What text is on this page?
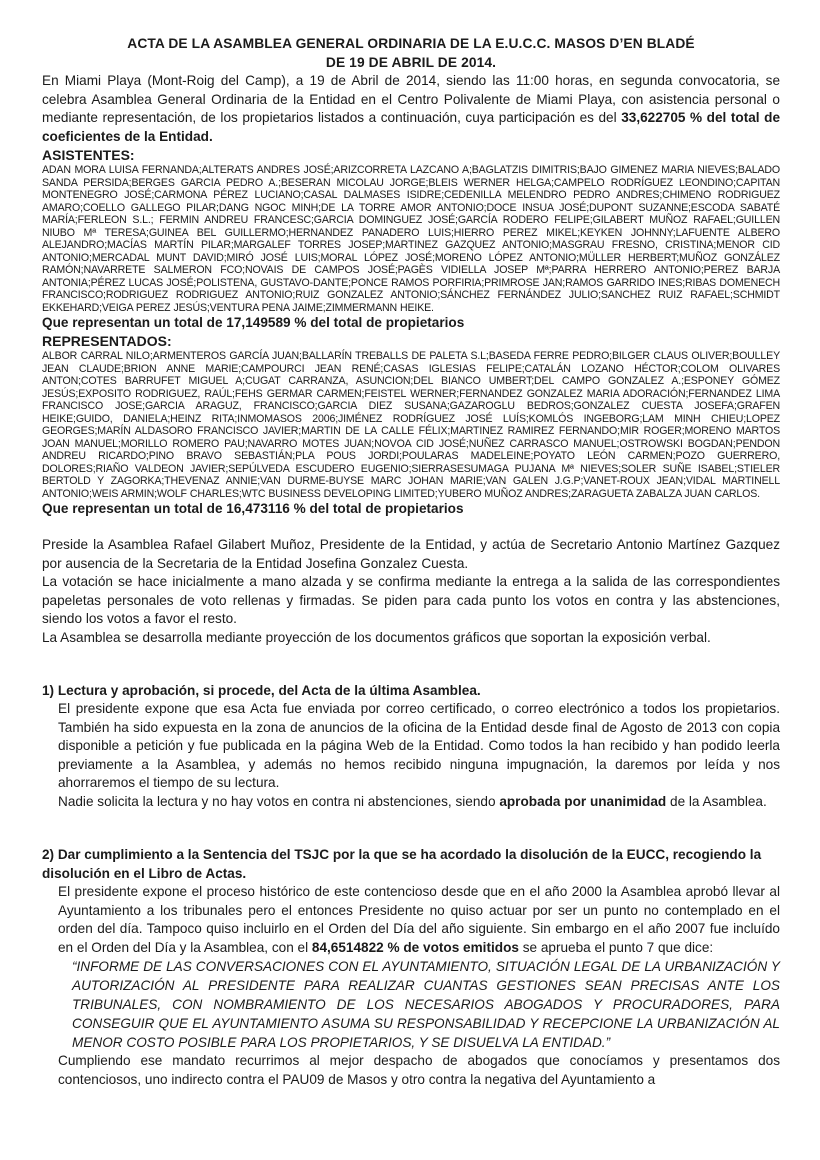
ACTA DE LA ASAMBLEA GENERAL ORDINARIA DE LA E.U.C.C. MASOS D’EN BLADÉ
DE 19 DE ABRIL DE 2014.
En Miami Playa (Mont-Roig del Camp), a 19 de Abril de 2014, siendo las 11:00 horas, en segunda convocatoria, se celebra Asamblea General Ordinaria de la Entidad en el Centro Polivalente de Miami Playa, con asistencia personal o mediante representación, de los propietarios listados a continuación, cuya participación es del 33,622705 % del total de coeficientes de la Entidad.
ASISTENTES:
ADAN MORA LUISA FERNANDA;ALTERATS ANDRES JOSÉ;ARIZCORRETA LAZCANO A;BAGLATZIS DIMITRIS;BAJO GIMENEZ MARIA NIEVES;BALADO SANDA PERSIDA;BERGES GARCIA PEDRO A.;BESERAN MICOLAU JORGE;BLEIS WERNER HELGA;CAMPELO RODRÍGUEZ LEONDINO;CAPITAN MONTENEGRO JOSÉ;CARMONA PÉREZ LUCIANO;CASAL DALMASES ISIDRE;CEDENILLA MELENDRO PEDRO ANDRES;CHIMENO RODRIGUEZ AMARO;COELLO GALLEGO PILAR;DANG NGOC MINH;DE LA TORRE AMOR ANTONIO;DOCE INSUA JOSÉ;DUPONT SUZANNE;ESCODA SABATÉ MARÍA;FERLEON S.L.; FERMIN ANDREU FRANCESC;GARCIA DOMINGUEZ JOSÉ;GARCÍA RODERO FELIPE;GILABERT MUÑOZ RAFAEL;GUILLEN NIUBO Mª TERESA;GUINEA BEL GUILLERMO;HERNANDEZ PANADERO LUIS;HIERRO PEREZ MIKEL;KEYKEN JOHNNY;LAFUENTE ALBERO ALEJANDRO;MACÍAS MARTÍN PILAR;MARGALEF TORRES JOSEP;MARTINEZ GAZQUEZ ANTONIO;MASGRAU FRESNO, CRISTINA;MENOR CID ANTONIO;MERCADAL MUNT DAVID;MIRÓ JOSÉ LUIS;MORAL LÓPEZ JOSÉ;MORENO LÓPEZ ANTONIO;MÜLLER HERBERT;MUÑOZ GONZÁLEZ RAMÓN;NAVARRETE SALMERON FCO;NOVAIS DE CAMPOS JOSÉ;PAGÈS VIDIELLA JOSEP Mª;PARRA HERRERO ANTONIO;PEREZ BARJA ANTONIA;PÉREZ LUCAS JOSÉ;POLISTENA, GUSTAVO-DANTE;PONCE RAMOS PORFIRIA;PRIMROSE JAN;RAMOS GARRIDO INES;RIBAS DOMENECH FRANCISCO;RODRIGUEZ RODRIGUEZ ANTONIO;RUIZ GONZALEZ ANTONIO;SÁNCHEZ FERNÁNDEZ JULIO;SANCHEZ RUIZ RAFAEL;SCHMIDT EKKEHARD;VEIGA PEREZ JESÚS;VENTURA PENA JAIME;ZIMMERMANN HEIKE.
Que representan un total de 17,149589 % del total de propietarios
REPRESENTADOS:
ALBOR CARRAL NILO;ARMENTEROS GARCÍA JUAN;BALLARÍN TREBALLS DE PALETA S.L;BASEDA FERRE PEDRO;BILGER CLAUS OLIVER;BOULLEY JEAN CLAUDE;BRION ANNE MARIE;CAMPOURCI JEAN RENÉ;CASAS IGLESIAS FELIPE;CATALÁN LOZANO HÉCTOR;COLOM OLIVARES ANTON;COTES BARRUFET MIGUEL A;CUGAT CARRANZA, ASUNCION;DEL BIANCO UMBERT;DEL CAMPO GONZALEZ A.;ESPONEY GÓMEZ JESÚS;EXPOSITO RODRIGUEZ, RAÚL;FEHS GERMAR CARMEN;FEISTEL WERNER;FERNANDEZ GONZALEZ MARIA ADORACIÓN;FERNANDEZ LIMA FRANCISCO JOSE;GARCIA ARAGUZ, FRANCISCO;GARCIA DIEZ SUSANA;GAZAROGLU BEDROS;GONZALEZ CUESTA JOSEFA;GRAFEN HEIKE;GUIDO, DANIELA;HEINZ RITA;INMOMASOS 2006;JIMÉNEZ RODRÍGUEZ JOSÉ LUÍS;KOMLÓS INGEBORG;LAM MINH CHIEU;LOPEZ GEORGES;MARÍN ALDASORO FRANCISCO JAVIER;MARTIN DE LA CALLE FÉLIX;MARTINEZ RAMIREZ FERNANDO;MIR ROGER;MORENO MARTOS JOAN MANUEL;MORILLO ROMERO PAU;NAVARRO MOTES JUAN;NOVOA CID JOSÉ;NUÑEZ CARRASCO MANUEL;OSTROWSKI BOGDAN;PENDON ANDREU RICARDO;PINO BRAVO SEBASTIÁN;PLA POUS JORDI;POULARAS MADELEINE;POYATO LEÓN CARMEN;POZO GUERRERO, DOLORES;RIAÑO VALDEON JAVIER;SEPÚLVEDA ESCUDERO EUGENIO;SIERRASESUMAGA PUJANA Mª NIEVES;SOLER SUÑE ISABEL;STIELER BERTOLD Y ZAGORKA;THEVENAZ ANNIE;VAN DURME-BUYSE MARC JOHAN MARIE;VAN GALEN J.G.P;VANET-ROUX JEAN;VIDAL MARTINELL ANTONIO;WEIS ARMIN;WOLF CHARLES;WTC BUSINESS DEVELOPING LIMITED;YUBERO MUÑOZ ANDRES;ZARAGUETA ZABALZA JUAN CARLOS.
Que representan un total de 16,473116 % del total de propietarios
Preside la Asamblea Rafael Gilabert Muñoz, Presidente de la Entidad, y actúa de Secretario Antonio Martínez Gazquez por ausencia de la Secretaria de la Entidad Josefina Gonzalez Cuesta.
La votación se hace inicialmente a mano alzada y se confirma mediante la entrega a la salida de las correspondientes papeletas personales de voto rellenas y firmadas. Se piden para cada punto los votos en contra y las abstenciones, siendo los votos a favor el resto.
La Asamblea se desarrolla mediante proyección de los documentos gráficos que soportan la exposición verbal.
1) Lectura y aprobación, si procede, del Acta de la última Asamblea.
El presidente expone que esa Acta fue enviada por correo certificado, o correo electrónico a todos los propietarios. También ha sido expuesta en la zona de anuncios de la oficina de la Entidad desde final de Agosto de 2013 con copia disponible a petición y fue publicada en la página Web de la Entidad. Como todos la han recibido y han podido leerla previamente a la Asamblea, y además no hemos recibido ninguna impugnación, la daremos por leída y nos ahorraremos el tiempo de su lectura.
Nadie solicita la lectura y no hay votos en contra ni abstenciones, siendo aprobada por unanimidad de la Asamblea.
2) Dar cumplimiento a la Sentencia del TSJC por la que se ha acordado la disolución de la EUCC, recogiendo la disolución en el Libro de Actas.
El presidente expone el proceso histórico de este contencioso desde que en el año 2000 la Asamblea aprobó llevar al Ayuntamiento a los tribunales pero el entonces Presidente no quiso actuar por ser un punto no contemplado en el orden del día. Tampoco quiso incluirlo en el Orden del Día del año siguiente. Sin embargo en el año 2007 fue incluído en el Orden del Día y la Asamblea, con el 84,6514822 % de votos emitidos se aprueba el punto 7 que dice:
“INFORME DE LAS CONVERSACIONES CON EL AYUNTAMIENTO, SITUACIÓN LEGAL DE LA URBANIZACIÓN Y AUTORIZACIÓN AL PRESIDENTE PARA REALIZAR CUANTAS GESTIONES SEAN PRECISAS ANTE LOS TRIBUNALES, CON NOMBRAMIENTO DE LOS NECESARIOS ABOGADOS Y PROCURADORES, PARA CONSEGUIR QUE EL AYUNTAMIENTO ASUMA SU RESPONSABILIDAD Y RECEPCIONE LA URBANIZACIÓN AL MENOR COSTO POSIBLE PARA LOS PROPIETARIOS, Y SE DISUELVA LA ENTIDAD.”
Cumpliendo ese mandato recurrimos al mejor despacho de abogados que conocíamos y presentamos dos contenciosos, uno indirecto contra el PAU09 de Masos y otro contra la negativa del Ayuntamiento a
